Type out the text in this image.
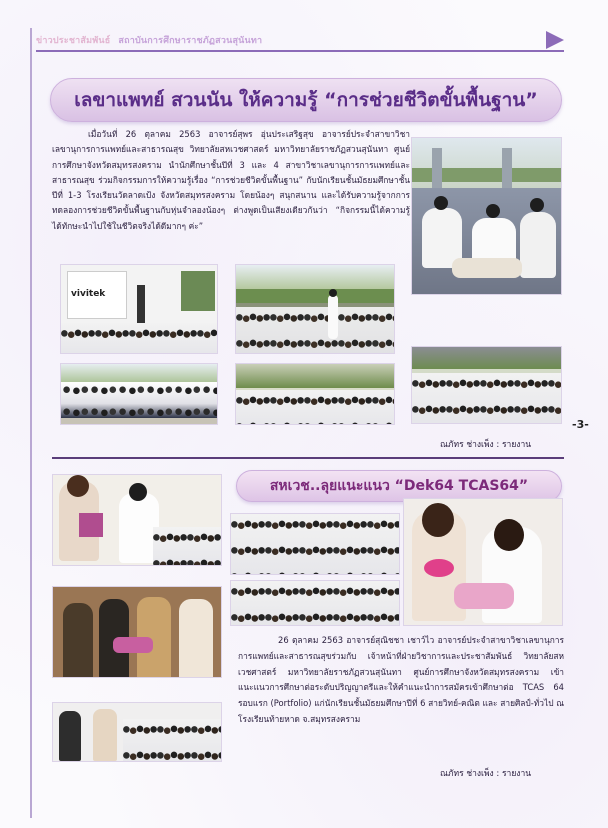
ข่าวประชาสัมพันธ์ สถาบันการศึกษาราชภัฏสวนสุนันทา
เลขาแพทย์ สวนนัน ให้ความรู้ “การช่วยชีวิตขั้นพื้นฐาน”

เมื่อวันที่ 26 ตุลาคม 2563 อาจารย์สุพร อุ่นประเสริฐสุข อาจารย์ประจำสาขาวิชาเลขานุการการแพทย์และสาธารณสุข วิทยาลัยสหเวชศาสตร์ มหาวิทยาลัยราชภัฏสวนสุนันทา ศูนย์การศึกษาจังหวัดสมุทรสงคราม นำนักศึกษาชั้นปีที่ 3 และ 4 สาขาวิชาเลขานุการการแพทย์และสาธารณสุข ร่วมกิจกรรมการให้ความรู้เรื่อง “การช่วยชีวิตขั้นพื้นฐาน” กับนักเรียนชั้นมัธยมศึกษาชั้นปีที่ 1-3 โรงเรียนวัดลาดเป้ง จังหวัดสมุทรสงคราม โดยน้องๆ สนุกสนาน และได้รับความรู้จากการทดลองการช่วยชีวิตขั้นพื้นฐานกับหุ่นจำลองน้องๆ ต่างพูดเป็นเสียงเดียวกันว่า “กิจกรรมนี้ได้ความรู้ ได้ทักษะนำไปใช้ในชีวิตจริงได้ดีมากๆ ค่ะ”

vivitek
ณภัทร ช่างเพ็ง : รายงาน
-3-
สหเวช..ลุยแนะแนว “Dek64 TCAS64”

26 ตุลาคม 2563 อาจารย์สุณิชชา เชาว์ไว อาจารย์ประจำสาขาวิชาเลขานุการการแพทย์และสาธารณสุขร่วมกับ เจ้าหน้าที่ฝ่ายวิชาการและประชาสัมพันธ์ วิทยาลัยสหเวชศาสตร์ มหาวิทยาลัยราชภัฏสวนสุนันทา ศูนย์การศึกษาจังหวัดสมุทรสงคราม เข้าแนะแนวการศึกษาต่อระดับปริญญาตรีและให้คำแนะนำการสมัครเข้าศึกษาต่อ TCAS 64 รอบแรก (Portfolio) แก่นักเรียนชั้นมัธยมศึกษาปีที่ 6 สายวิทย์-คณิต และ สายศิลป์-ทั่วไป ณ โรงเรียนท้ายหาด จ.สมุทรสงคราม

ณภัทร ช่างเพ็ง : รายงาน
